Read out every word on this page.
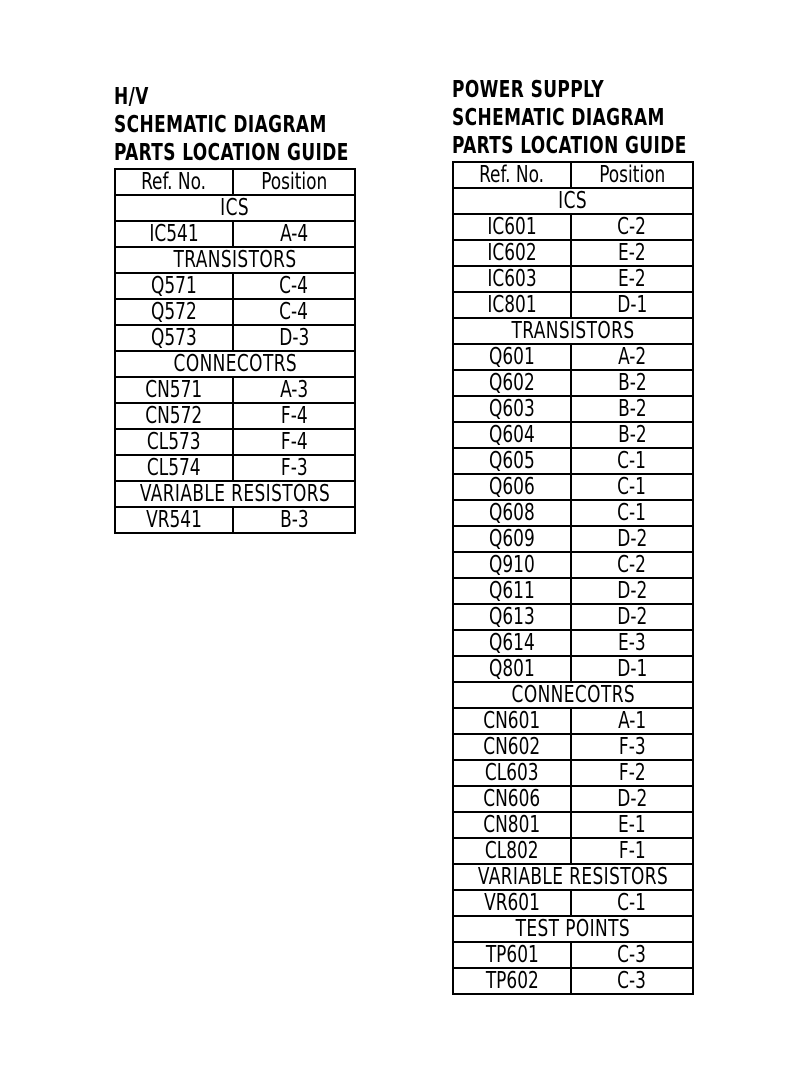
H/V
SCHEMATIC DIAGRAM
PARTS LOCATION GUIDE
Ref. No.	Position
ICS	
IC541	A-4
TRANSISTORS	
Q571	C-4
Q572	C-4
Q573	D-3
CONNECOTRS	
CN571	A-3
CN572	F-4
CL573	F-4
CL574	F-3
VARIABLE RESISTORS	
VR541	B-3
POWER SUPPLY
SCHEMATIC DIAGRAM
PARTS LOCATION GUIDE
Ref. No.	Position
ICS	
IC601	C-2
IC602	E-2
IC603	E-2
IC801	D-1
TRANSISTORS	
Q601	A-2
Q602	B-2
Q603	B-2
Q604	B-2
Q605	C-1
Q606	C-1
Q608	C-1
Q609	D-2
Q910	C-2
Q611	D-2
Q613	D-2
Q614	E-3
Q801	D-1
CONNECOTRS	
CN601	A-1
CN602	F-3
CL603	F-2
CN606	D-2
CN801	E-1
CL802	F-1
VARIABLE RESISTORS	
VR601	C-1
TEST POINTS	
TP601	C-3
TP602	C-3
